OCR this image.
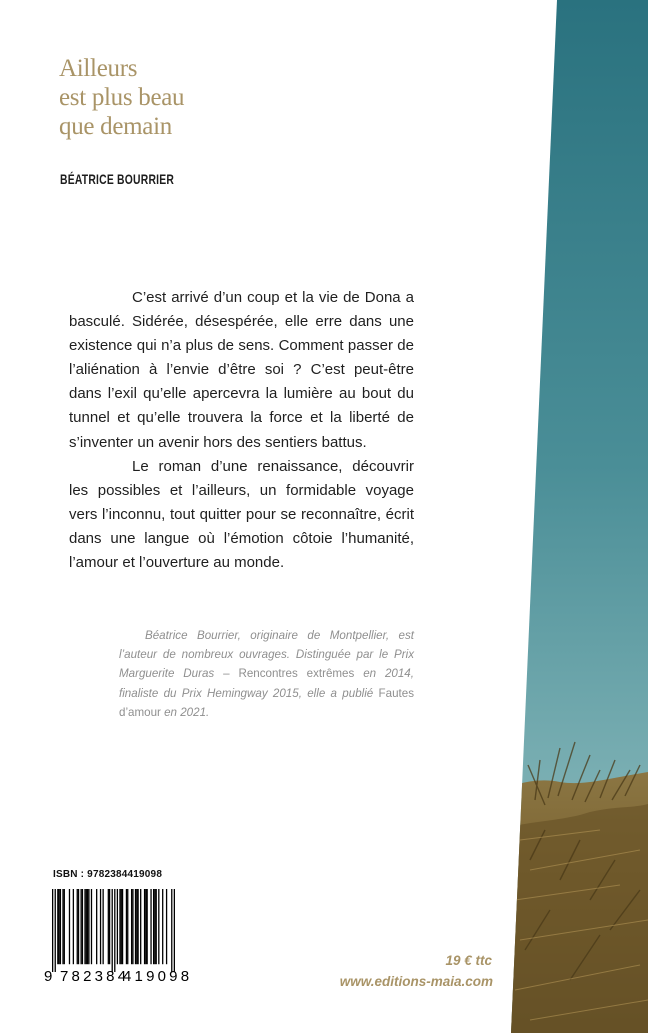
Ailleurs
est plus beau
que demain

BÉATRICE BOURRIER

C’est arrivé d’un coup et la vie de Dona a basculé. Sidérée, désespérée, elle erre dans une existence qui n’a plus de sens. Comment passer de l’aliénation à l’envie d’être soi ? C’est peut-être dans l’exil qu’elle apercevra la lumière au bout du tunnel et qu’elle trouvera la force et la liberté de s’inventer un avenir hors des sentiers battus.

Le roman d’une renaissance, découvrir les possibles et l’ailleurs, un formidable voyage vers l’inconnu, tout quitter pour se reconnaître, écrit dans une langue où l’émotion côtoie l’humanité, l’amour et l’ouverture au monde.

Béatrice Bourrier, originaire de Montpellier, est l’auteur de nombreux ouvrages. Distinguée par le Prix Marguerite Duras – Rencontres extrêmes en 2014, finaliste du Prix Hemingway 2015, elle a publié Fautes d’amour en 2021.

ISBN : 9782384419098

9 782384
419098

19 € ttc

www.editions-maia.com
